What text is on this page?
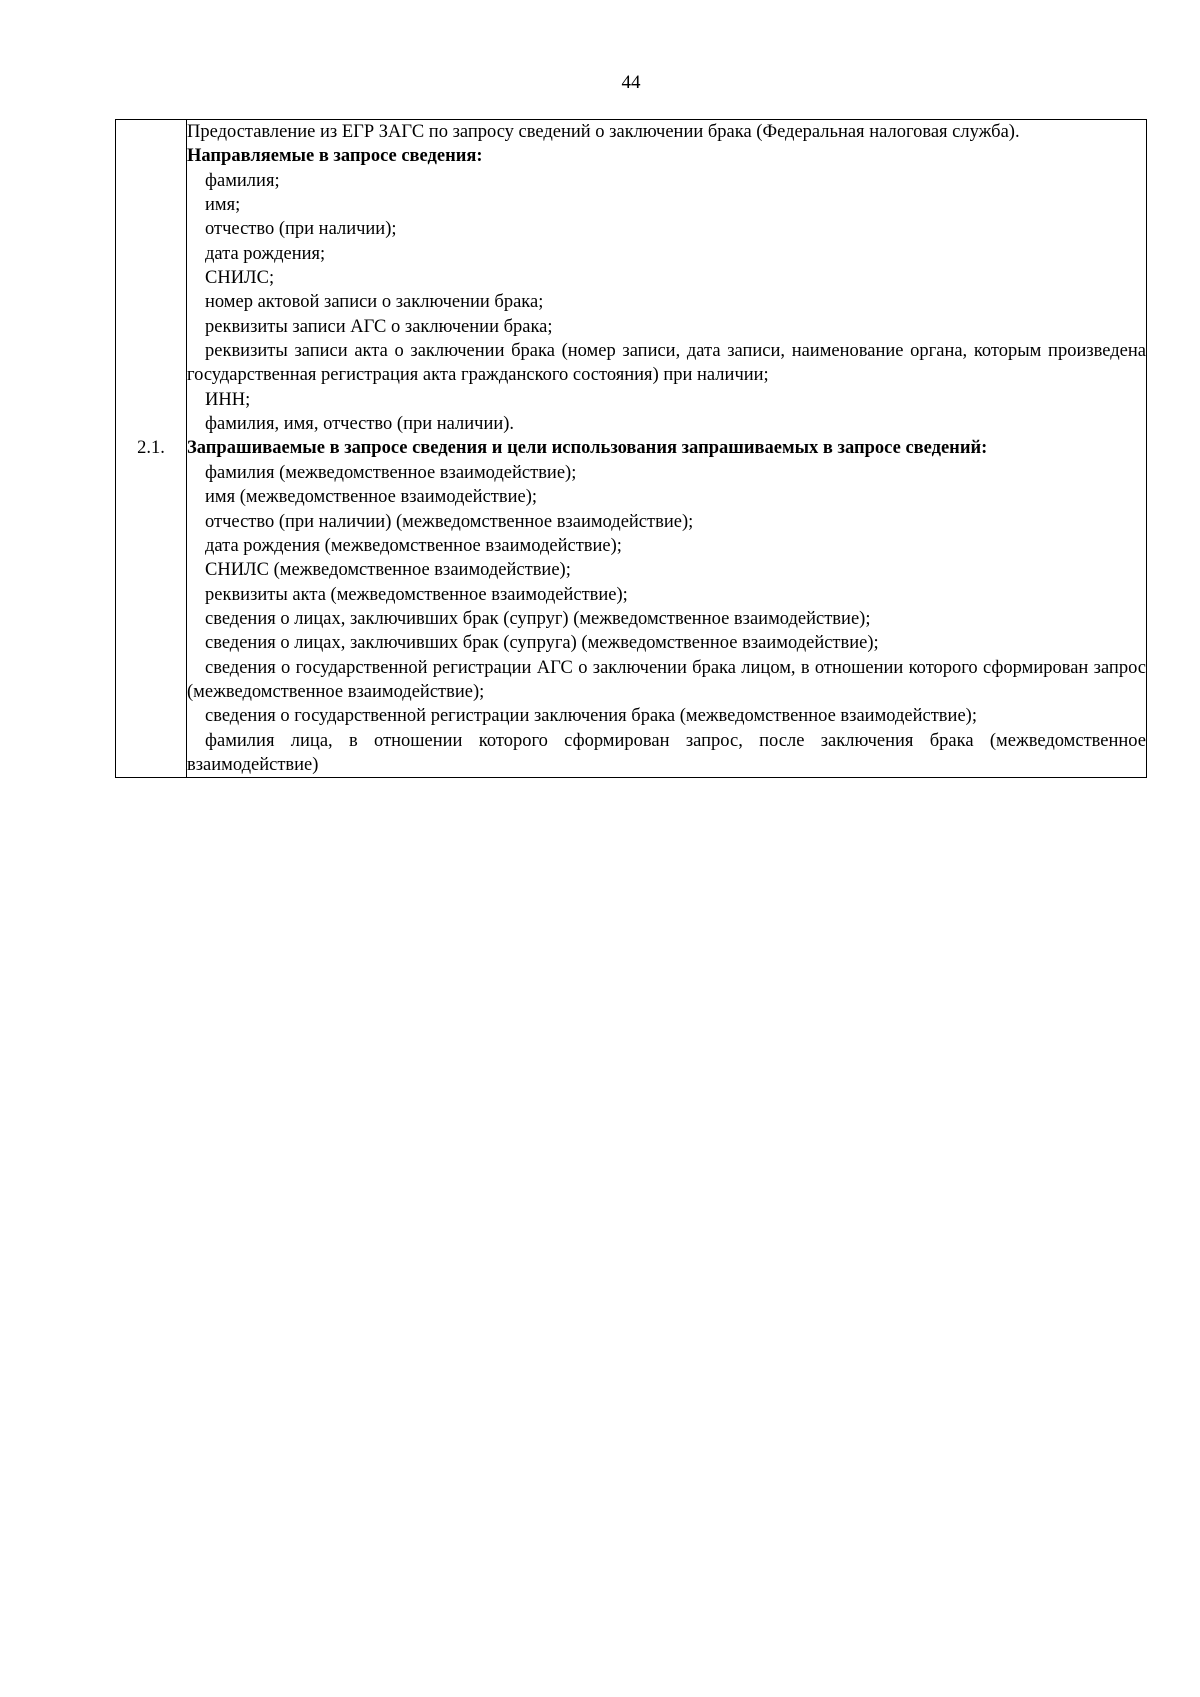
44
2.1.	

Предоставление из ЕГР ЗАГС по запросу сведений о заключении брака (Федеральная налоговая служба).

Направляемые в запросе сведения:

фамилия;

имя;

отчество (при наличии);

дата рождения;

СНИЛС;

номер актовой записи о заключении брака;

реквизиты записи АГС о заключении брака;

реквизиты записи акта о заключении брака (номер записи, дата записи, наименование органа, которым произведена государственная регистрация акта гражданского состояния) при наличии;

ИНН;

фамилия, имя, отчество (при наличии).

Запрашиваемые в запросе сведения и цели использования запрашиваемых в запросе сведений:

фамилия (межведомственное взаимодействие);

имя (межведомственное взаимодействие);

отчество (при наличии) (межведомственное взаимодействие);

дата рождения (межведомственное взаимодействие);

СНИЛС (межведомственное взаимодействие);

реквизиты акта (межведомственное взаимодействие);

сведения о лицах, заключивших брак (супруг) (межведомственное взаимодействие);

сведения о лицах, заключивших брак (супруга) (межведомственное взаимодействие);

сведения о государственной регистрации АГС о заключении брака лицом, в отношении которого сформирован запрос (межведомственное взаимодействие);

сведения о государственной регистрации заключения брака (межведомственное взаимодействие);

фамилия лица, в отношении которого сформирован запрос, после заключения брака (межведомственное взаимодействие)
